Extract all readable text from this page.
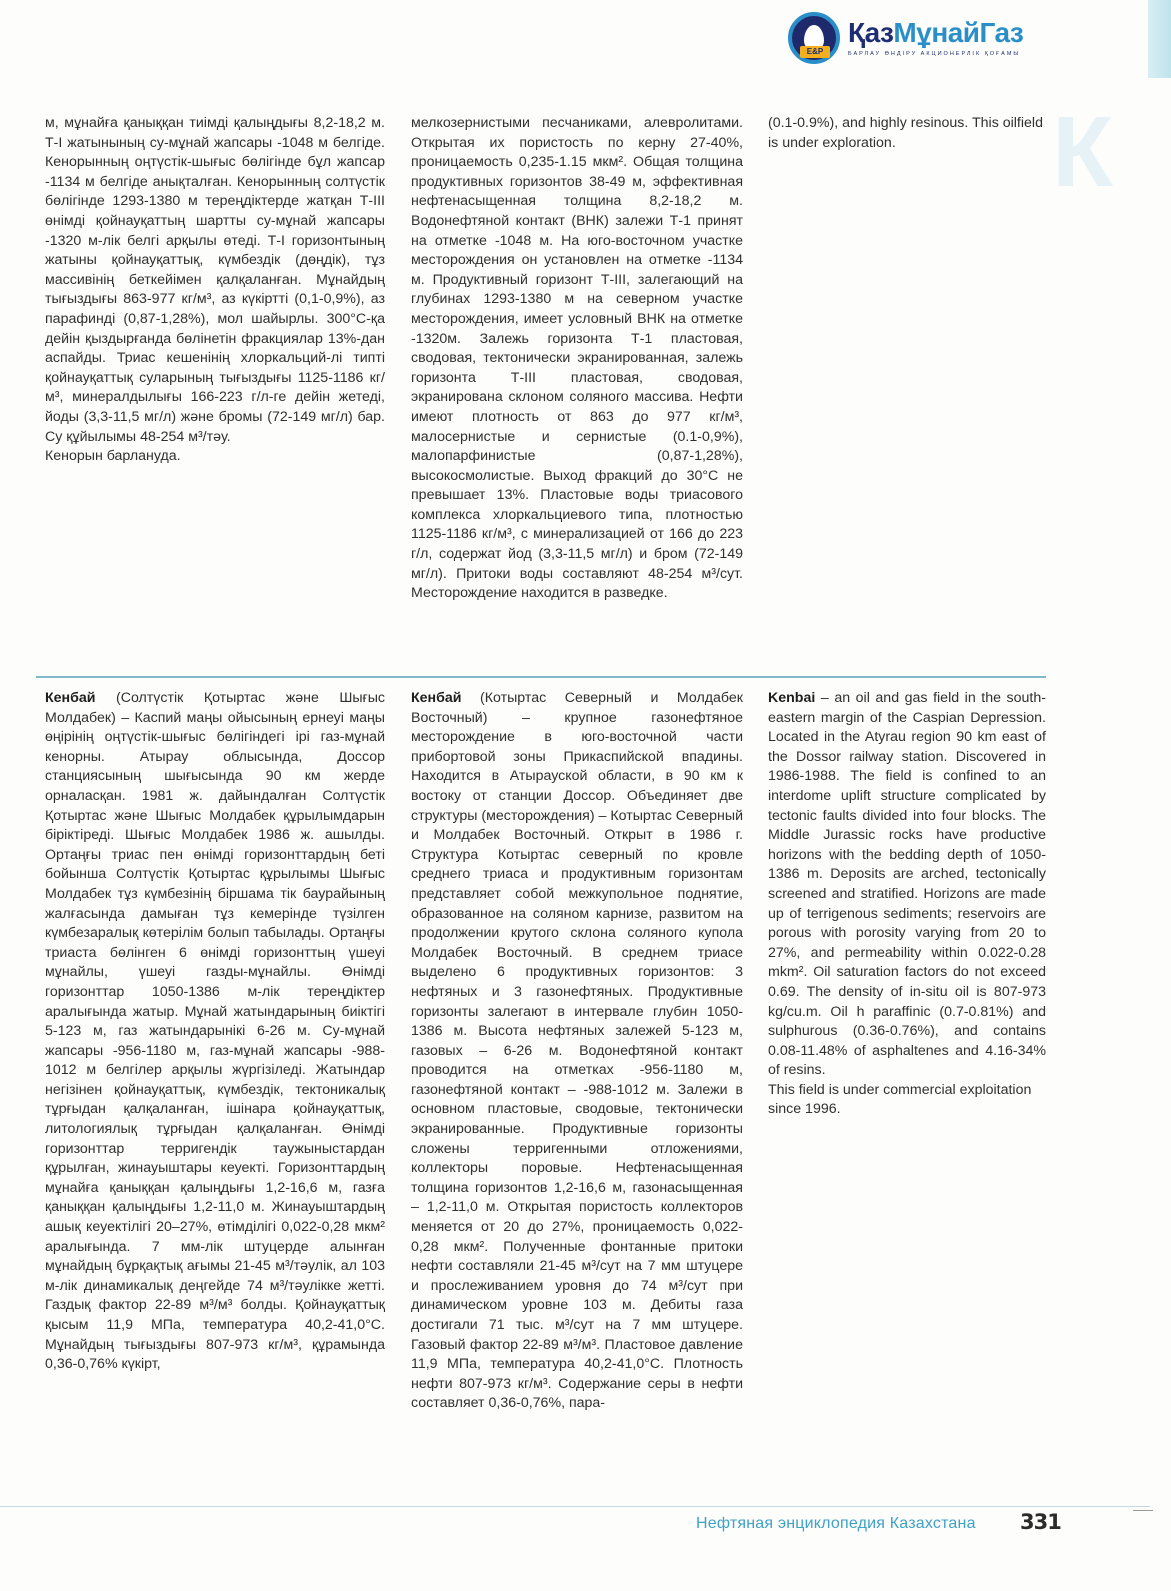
E&P
ҚазМұнайГаз
БАРЛАУ ӨНДІРУ АКЦИОНЕРЛІК ҚОҒАМЫ
К

м, мұнайға қаныққан тиімді қалыңдығы 8,2-18,2 м. Т-I жатынының су-мұнай жапсары -1048 м белгіде. Кенорынның оңтүстік-шығыс бөлігінде бұл жапсар -1134 м белгіде анықталған. Кенорынның солтүстік бөлігінде 1293-1380 м тереңдіктерде жатқан Т-III өнімді қойнауқаттың шартты су-мұнай жапсары -1320 м-лік белгі арқылы өтеді. Т-I горизонтының жатыны қойнауқаттық, күмбездік (дөңдік), тұз массивінің беткейімен қалқаланған. Мұнайдың тығыздығы 863-977 кг/м³, аз күкіртті (0,1-0,9%), аз парафинді (0,87-1,28%), мол шайырлы. 300°С-қа дейін қыздырғанда бөлінетін фракциялар 13%-дан аспайды. Триас кешенінің хлоркальций-лі типті қойнауқаттық суларының тығыздығы 1125-1186 кг/м³, минералдылығы 166-223 г/л-ге дейін жетеді, йоды (3,3-11,5 мг/л) және бромы (72-149 мг/л) бар. Су құйылымы 48-254 м³/тәу.

Кенорын барлануда.

мелкозернистыми песчаниками, алевролитами. Открытая их пористость по керну 27-40%, проницаемость 0,235-1.15 мкм². Общая толщина продуктивных горизонтов 38-49 м, эффективная нефтенасыщенная толщина 8,2-18,2 м. Водонефтяной контакт (ВНК) залежи Т-1 принят на отметке -1048 м. На юго-восточном участке месторождения он установлен на отметке -1134 м. Продуктивный горизонт Т-III, залегающий на глубинах 1293-1380 м на северном участке месторождения, имеет условный ВНК на отметке -1320м. Залежь горизонта Т-1 пластовая, сводовая, тектонически экранированная, залежь горизонта Т-III пластовая, сводовая, экранирована склоном соляного массива. Нефти имеют плотность от 863 до 977 кг/м³, малосернистые и сернистые (0.1-0,9%), малопарфинистые (0,87-1,28%), высокосмолистые. Выход фракций до 30°С не превышает 13%. Пластовые воды триасового комплекса хлоркальциевого типа, плотностью 1125-1186 кг/м³, с минерализацией от 166 до 223 г/л, содержат йод (3,3-11,5 мг/л) и бром (72-149 мг/л). Притоки воды составляют 48-254 м³/сут. Месторождение находится в разведке.

(0.1-0.9%), and highly resinous. This oilfield is under exploration.

Кенбай (Солтүстік Қотыртас және Шығыс Молдабек) – Каспий маңы ойысының ернеуі маңы өңірінің оңтүстік-шығыс бөлігіндегі ірі газ-мұнай кенорны. Атырау облысында, Доссор станциясының шығысында 90 км жерде орналасқан. 1981 ж. дайындалған Солтүстік Қотыртас және Шығыс Молдабек құрылымдарын біріктіреді. Шығыс Молдабек 1986 ж. ашылды. Ортаңғы триас пен өнімді горизонттардың беті бойынша Солтүстік Қотыртас құрылымы Шығыс Молдабек тұз күмбезінің біршама тік баурайының жалғасында дамыған тұз кемерінде түзілген күмбезаралық көтерілім болып табылады. Ортаңғы триаста бөлінген 6 өнімді горизонттың үшеуі мұнайлы, үшеуі газды-мұнайлы. Өнімді горизонттар 1050-1386 м-лік тереңдіктер аралығында жатыр. Мұнай жатындарының биіктігі 5-123 м, газ жатындарынікі 6-26 м. Су-мұнай жапсары -956-1180 м, газ-мұнай жапсары -988-1012 м белгілер арқылы жүргізіледі. Жатындар негізінен қойнауқаттық, күмбездік, тектоникалық тұрғыдан қалқаланған, ішінара қойнауқаттық, литологиялық тұрғыдан қалқаланған. Өнімді горизонттар терригендік таужыныстардан құрылған, жинауыштары кеуекті. Горизонттардың мұнайға қаныққан қалыңдығы 1,2-16,6 м, газға қаныққан қалыңдығы 1,2-11,0 м. Жинауыштардың ашық кеуектілігі 20–27%, өтімділігі 0,022-0,28 мкм² аралығында. 7 мм-лік штуцерде алынған мұнайдың бұрқақтық ағымы 21-45 м³/тәулік, ал 103 м-лік динамикалық деңгейде 74 м³/тәулікке жетті. Газдық фактор 22-89 м³/м³ болды. Қойнауқаттық қысым 11,9 МПа, температура 40,2-41,0°С. Мұнайдың тығыздығы 807-973 кг/м³, құрамында 0,36-0,76% күкірт,

Кенбай (Котыртас Северный и Молдабек Восточный) – крупное газонефтяное месторождение в юго-восточной части прибортовой зоны Прикаспийской впадины. Находится в Атырауской области, в 90 км к востоку от станции Доссор. Объединяет две структуры (месторождения) – Котыртас Северный и Молдабек Восточный. Открыт в 1986 г. Структура Котыртас северный по кровле среднего триаса и продуктивным горизонтам представляет собой межкупольное поднятие, образованное на соляном карнизе, развитом на продолжении крутого склона соляного купола Молдабек Восточный. В среднем триасе выделено 6 продуктивных горизонтов: 3 нефтяных и 3 газонефтяных. Продуктивные горизонты залегают в интервале глубин 1050-1386 м. Высота нефтяных залежей 5-123 м, газовых – 6-26 м. Водонефтяной контакт проводится на отметках -956-1180 м, газонефтяной контакт – -988-1012 м. Залежи в основном пластовые, сводовые, тектонически экранированные. Продуктивные горизонты сложены терригенными отложениями, коллекторы поровые. Нефтенасыщенная толщина горизонтов 1,2-16,6 м, газонасыщенная – 1,2-11,0 м. Открытая пористость коллекторов меняется от 20 до 27%, проницаемость 0,022-0,28 мкм². Полученные фонтанные притоки нефти составляли 21-45 м³/сут на 7 мм штуцере и прослеживанием уровня до 74 м³/сут при динамическом уровне 103 м. Дебиты газа достигали 71 тыс. м³/сут на 7 мм штуцере. Газовый фактор 22-89 м³/м³. Пластовое давление 11,9 МПа, температура 40,2-41,0°С. Плотность нефти 807-973 кг/м³. Содержание серы в нефти составляет 0,36-0,76%, пара-

Kenbai – an oil and gas field in the south-eastern margin of the Caspian Depression. Located in the Atyrau region 90 km east of the Dossor railway station. Discovered in 1986-1988. The field is confined to an interdome uplift structure complicated by tectonic faults divided into four blocks. The Middle Jurassic rocks have productive horizons with the bedding depth of 1050-1386 m. Deposits are arched, tectonically screened and stratified. Horizons are made up of terrigenous sediments; reservoirs are porous with porosity varying from 20 to 27%, and permeability within 0.022-0.28 mkm². Oil saturation factors do not exceed 0.69. The density of in-situ oil is 807-973 kg/cu.m. Oil h paraffinic (0.7-0.81%) and sulphurous (0.36-0.76%), and contains 0.08-11.48% of asphaltenes and 4.16-34% of resins.

This field is under commercial exploitation since 1996.

Нефтяная энциклопедия Казахстана 331
